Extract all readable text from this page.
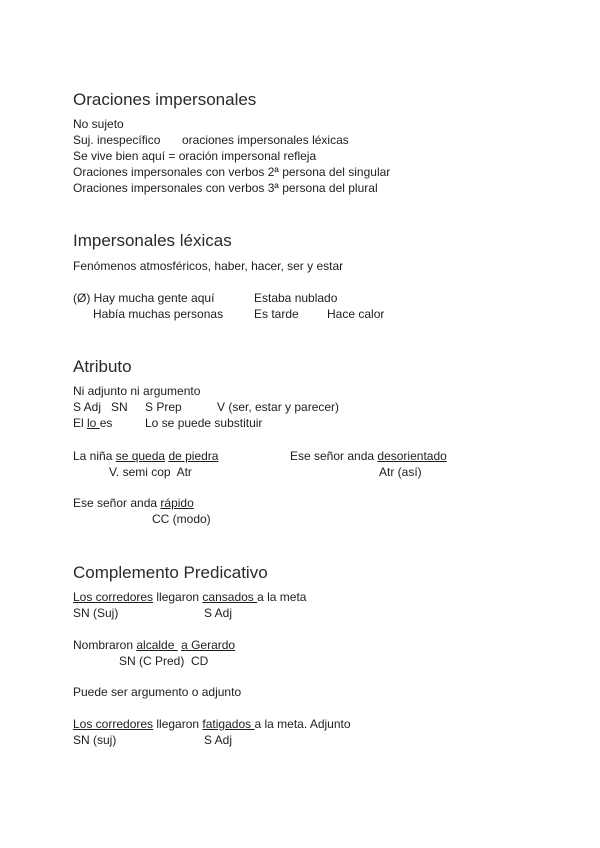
Oraciones impersonales
No sujeto
Suj. inespecífico oraciones impersonales léxicas
Se vive bien aquí = oración impersonal refleja
Oraciones impersonales con verbos 2ª persona del singular
Oraciones impersonales con verbos 3ª persona del plural
Impersonales léxicas
Fenómenos atmosféricos, haber, hacer, ser y estar
(Ø) Hay mucha gente aquí	Estaba nublado
Había muchas personas	Es tarde Hace calor
Atributo
Ni adjunto ni argumento
S Adj   SN S Prep	V (ser, estar y parecer)
El lo es	Lo se puede substituir
La niña se queda de piedra
V. semi cop  Atr
Ese señor anda desorientado
Atr (así)
Ese señor anda rápido
CC (modo)
Complemento Predicativo
Los corredores llegaron cansados a la meta
SN (Suj)	S Adj
Nombraron alcalde  a Gerardo
SN (C Pred)  CD
Puede ser argumento o adjunto
Los corredores llegaron fatigados a la meta. Adjunto
SN (suj)	S Adj
